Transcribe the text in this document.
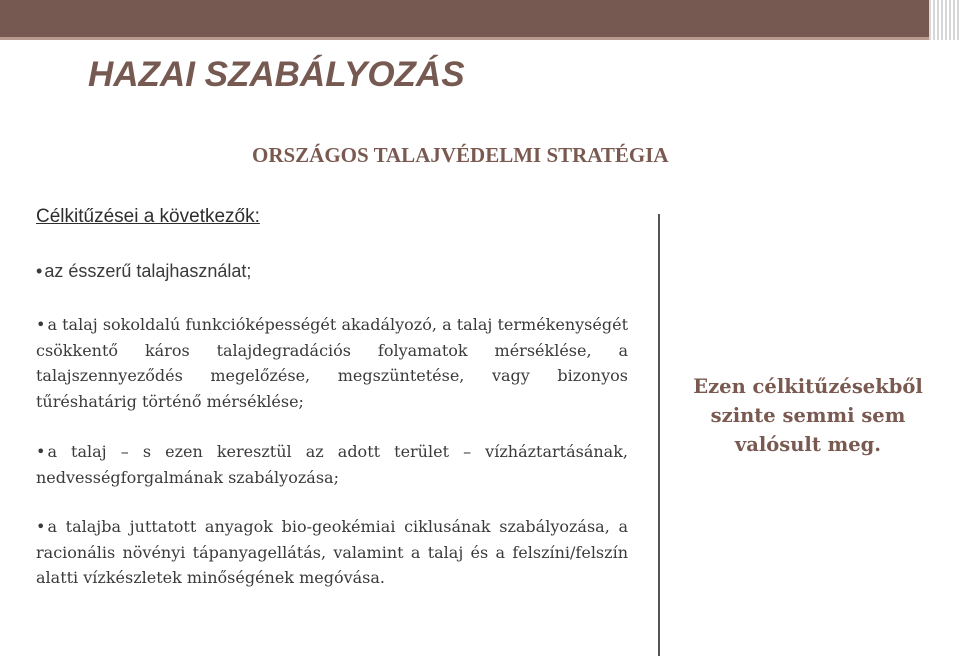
HAZAI SZABÁLYOZÁS
ORSZÁGOS TALAJVÉDELMI STRATÉGIA
Célkitűzései a következők:

• az ésszerű talajhasználat;

• a talaj sokoldalú funkcióképességét akadályozó, a talaj termékenységét csökkentő káros talajdegradációs folyamatok mérséklése, a talajszennyeződés megelőzése, megszüntetése, vagy bizonyos tűréshatárig történő mérséklése;

• a talaj – s ezen keresztül az adott terület – vízháztartásának, nedvességforgalmának szabályozása;

• a talajba juttatott anyagok bio-geokémiai ciklusának szabályozása, a racionális növényi tápanyagellátás, valamint a talaj és a felszíni/felszín alatti vízkészletek minőségének megóvása.

Ezen célkitűzésekből szinte semmi sem valósult meg.
